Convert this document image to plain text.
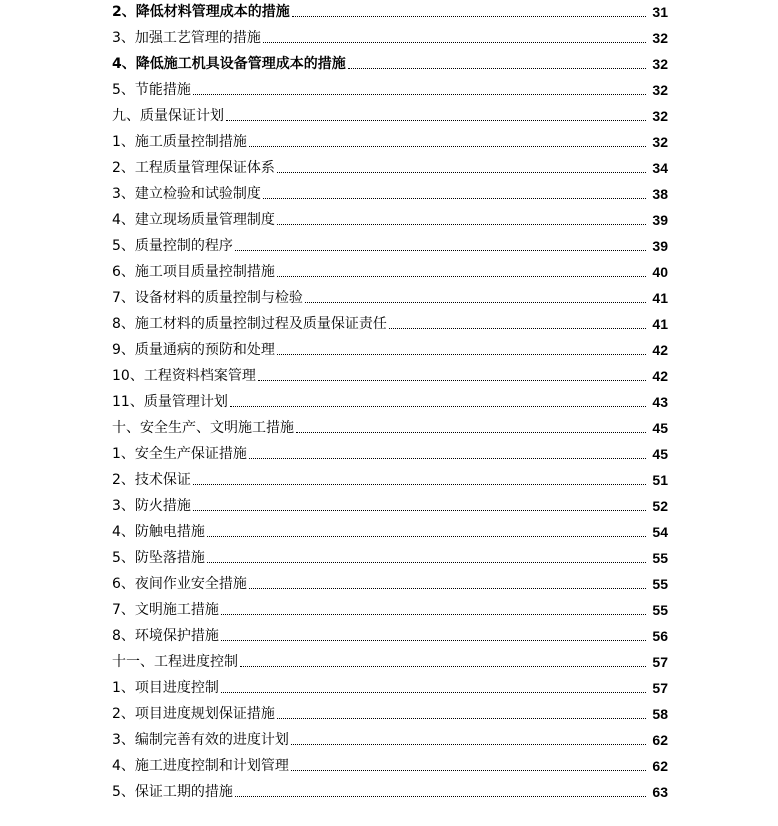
2、降低材料管理成本的措施	31
3、加强工艺管理的措施	32
4、降低施工机具设备管理成本的措施	32
5、节能措施	32
九、质量保证计划	32
1、施工质量控制措施	32
2、工程质量管理保证体系	34
3、建立检验和试验制度	38
4、建立现场质量管理制度	39
5、质量控制的程序	39
6、施工项目质量控制措施	40
7、设备材料的质量控制与检验	41
8、施工材料的质量控制过程及质量保证责任	41
9、质量通病的预防和处理	42
10、工程资料档案管理	42
11、质量管理计划	43
十、安全生产、文明施工措施	45
1、安全生产保证措施	45
2、技术保证	51
3、防火措施	52
4、防触电措施	54
5、防坠落措施	55
6、夜间作业安全措施	55
7、文明施工措施	55
8、环境保护措施	56
十一、工程进度控制	57
1、项目进度控制	57
2、项目进度规划保证措施	58
3、编制完善有效的进度计划	62
4、施工进度控制和计划管理	62
5、保证工期的措施	63
